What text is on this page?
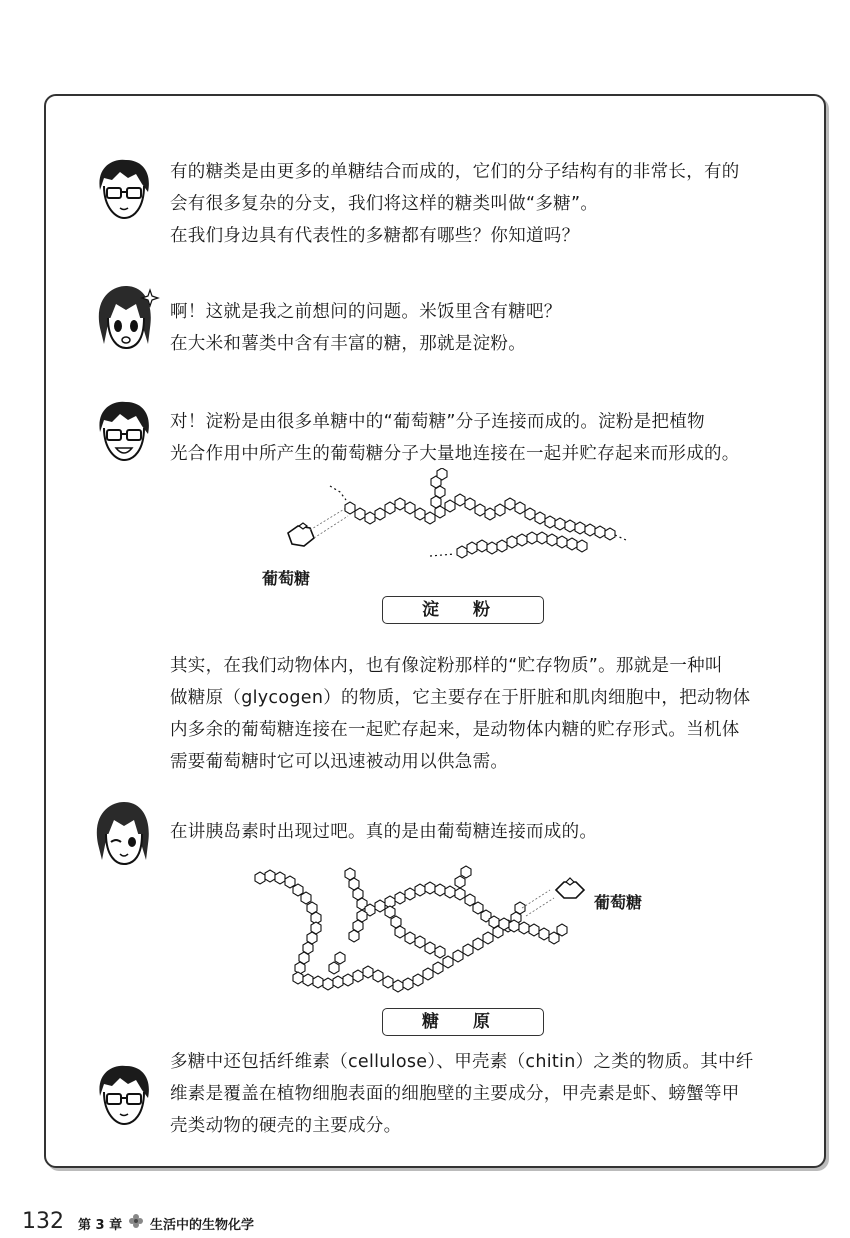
有的糖类是由更多的单糖结合而成的，它们的分子结构有的非常长，有的
会有很多复杂的分支，我们将这样的糖类叫做“多糖”。
在我们身边具有代表性的多糖都有哪些？你知道吗？
啊！这就是我之前想问的问题。米饭里含有糖吧？
在大米和薯类中含有丰富的糖，那就是淀粉。
对！淀粉是由很多单糖中的“葡萄糖”分子连接而成的。淀粉是把植物
光合作用中所产生的葡萄糖分子大量地连接在一起并贮存起来而形成的。
葡萄糖
淀 粉
其实，在我们动物体内，也有像淀粉那样的“贮存物质”。那就是一种叫
做糖原（glycogen）的物质，它主要存在于肝脏和肌肉细胞中，把动物体
内多余的葡萄糖连接在一起贮存起来，是动物体内糖的贮存形式。当机体
需要葡萄糖时它可以迅速被动用以供急需。
在讲胰岛素时出现过吧。真的是由葡萄糖连接而成的。
葡萄糖
糖 原
多糖中还包括纤维素（cellulose）、甲壳素（chitin）之类的物质。其中纤
维素是覆盖在植物细胞表面的细胞壁的主要成分，甲壳素是虾、螃蟹等甲
壳类动物的硬壳的主要成分。
132 第 3 章 生活中的生物化学
